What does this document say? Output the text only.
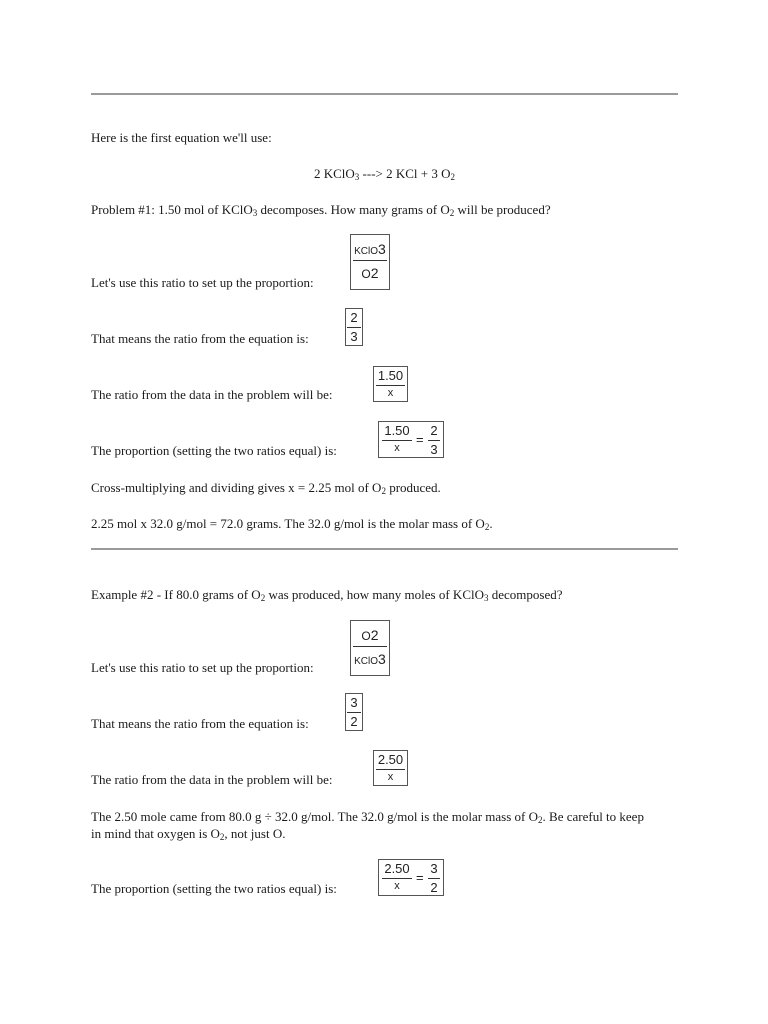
Here is the first equation we'll use:
2 KClO$_3$ ---> 2 KCl + 3 $O_2$
Problem #1: 1.50 mol of KClO$_3$ decomposes. How many grams of $O_2$ will be produced?
Let's use this ratio to set up the proportion:
KClO3
O2
That means the ratio from the equation is:	$\frac{2}{3}$
The ratio from the data in the problem will be:
1.50
x
The proportion (setting the two ratios equal) is:
1.50
x
= $\frac{2}{3}$
Cross-multiplying and dividing gives x = 2.25 mol of $O_2$ produced.
2.25 mol x 32.0 g/mol = 72.0 grams. The 32.0 g/mol is the molar mass of $O_2$.
Example #2 - If 80.0 grams of $O_2$ was produced, how many moles of KClO$_3$ decomposed?
Let's use this ratio to set up the proportion:
O2
KClO3
That means the ratio from the equation is:	$\frac{3}{2}$
The ratio from the data in the problem will be:
2.50
x
The 2.50 mole came from 80.0 g ÷ 32.0 g/mol. The 32.0 g/mol is the molar mass of $O_2$. Be careful to keep in mind that oxygen is $O_2$, not just O.
The proportion (setting the two ratios equal) is:
2.50
x
= $\frac{3}{2}$
